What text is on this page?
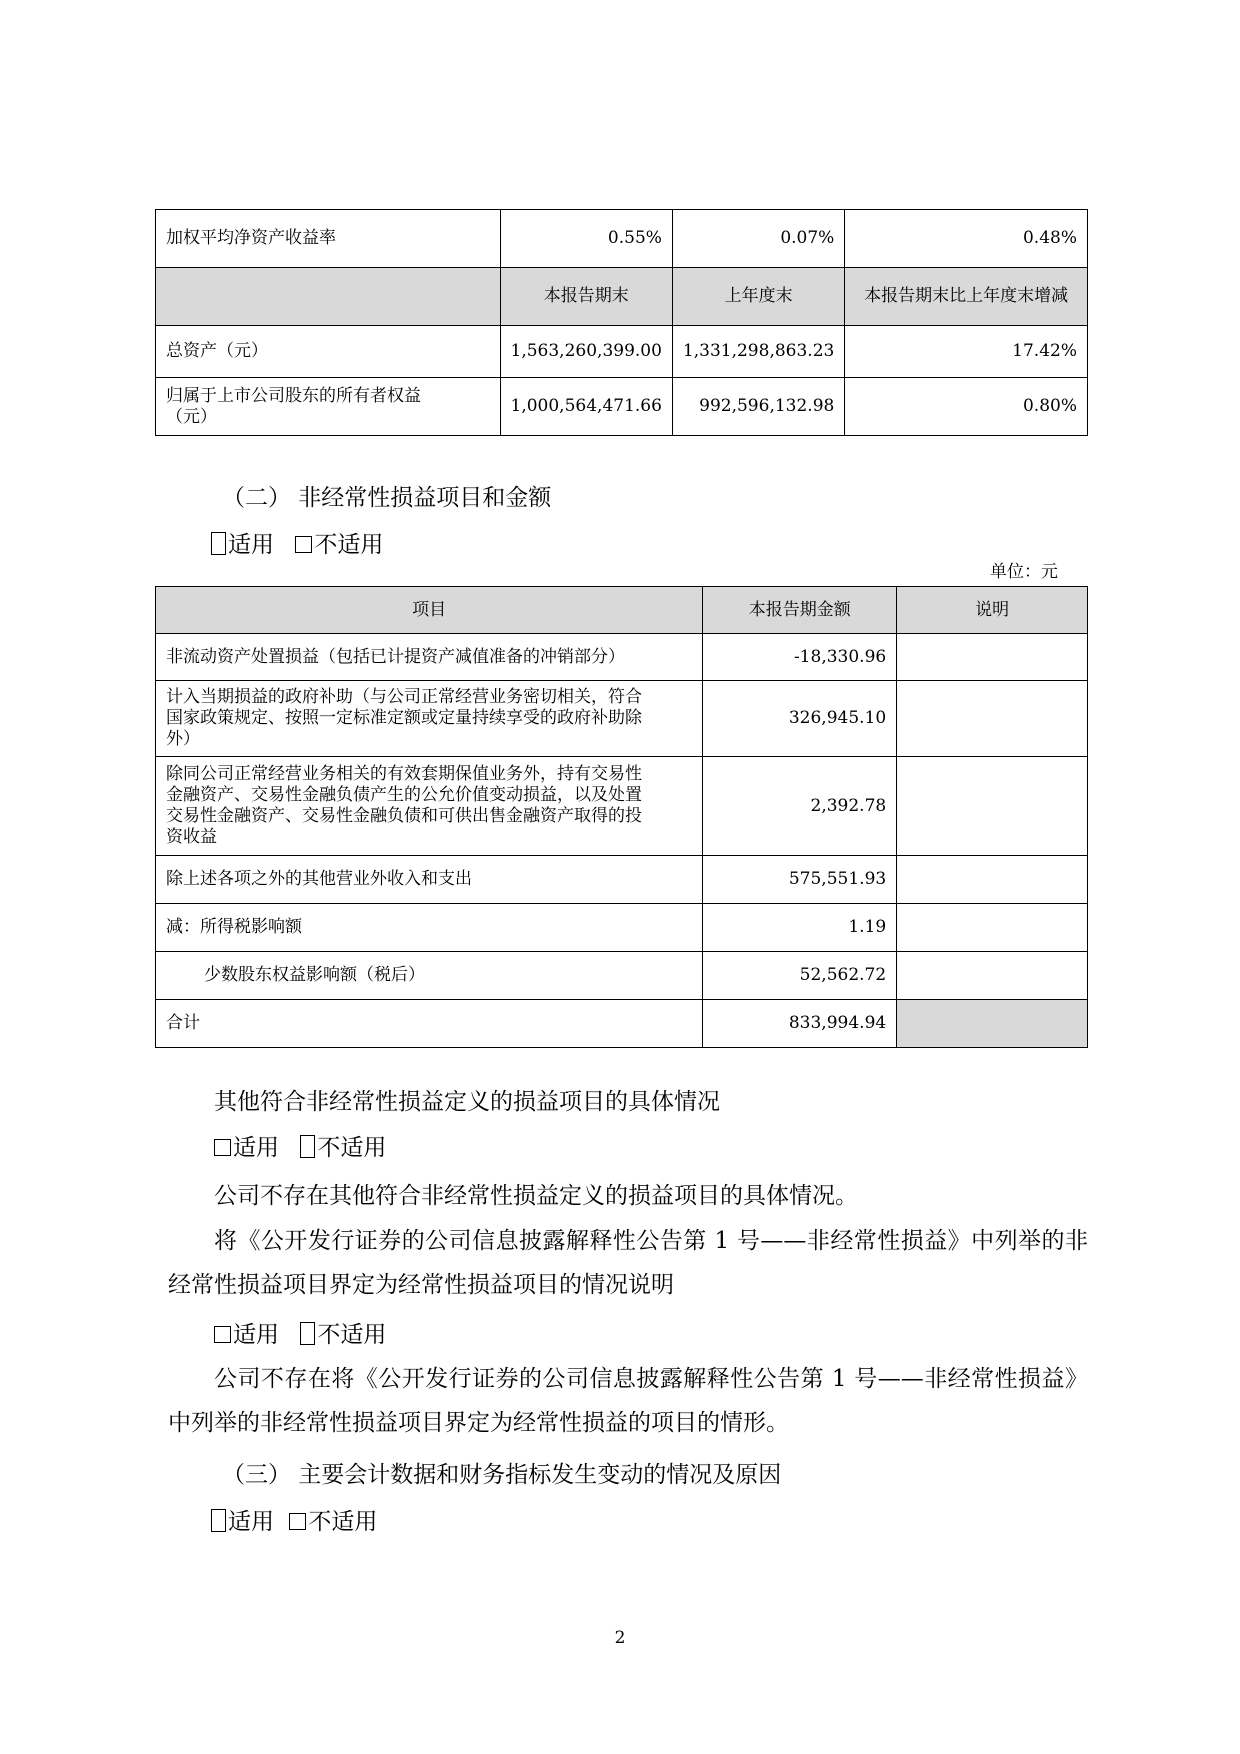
加权平均净资产收益率	0.55%	0.07%	0.48%
	本报告期末	上年度末	本报告期末比上年度末增减
总资产（元）	1,563,260,399.00	1,331,298,863.23	17.42%
归属于上市公司股东的所有者权益
（元）	1,000,564,471.66	992,596,132.98	0.80%
（二） 非经常性损益项目和金额
适用 不适用
单位：元
项目	本报告期金额	说明
非流动资产处置损益（包括已计提资产减值准备的冲销部分）	-18,330.96	
计入当期损益的政府补助（与公司正常经营业务密切相关，符合
国家政策规定、按照一定标准定额或定量持续享受的政府补助除
外）	326,945.10	
除同公司正常经营业务相关的有效套期保值业务外，持有交易性
金融资产、交易性金融负债产生的公允价值变动损益，以及处置
交易性金融资产、交易性金融负债和可供出售金融资产取得的投
资收益	2,392.78	
除上述各项之外的其他营业外收入和支出	575,551.93	
减：所得税影响额	1.19	
少数股东权益影响额（税后）	52,562.72	
合计	833,994.94	
其他符合非经常性损益定义的损益项目的具体情况
适用 不适用
公司不存在其他符合非经常性损益定义的损益项目的具体情况。
将《公开发行证券的公司信息披露解释性公告第 1 号——非经常性损益》中列举的非经常性损益项目界定为经常性损益项目的情况说明
适用 不适用
公司不存在将《公开发行证券的公司信息披露解释性公告第 1 号——非经常性损益》中列举的非经常性损益项目界定为经常性损益的项目的情形。
（三） 主要会计数据和财务指标发生变动的情况及原因
适用 不适用
2
